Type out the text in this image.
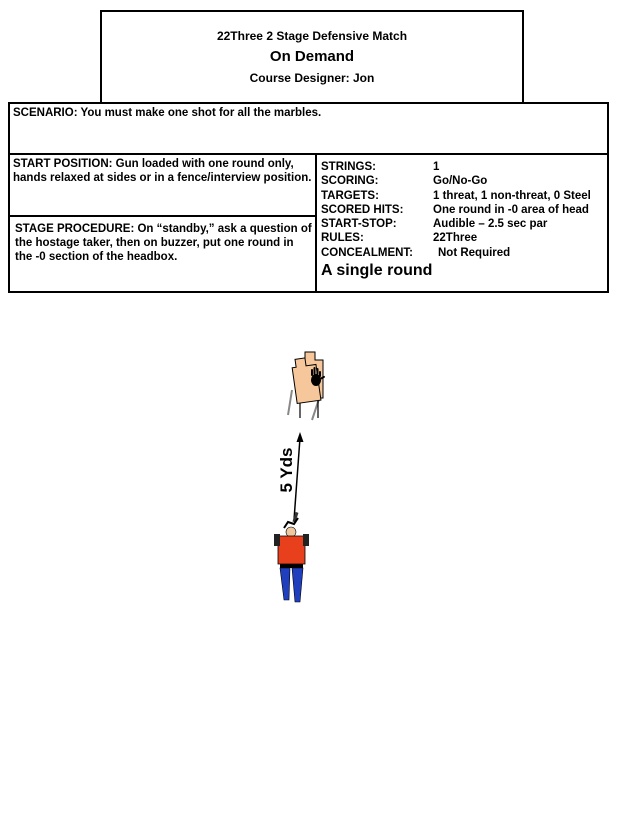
22Three 2 Stage Defensive Match
On Demand
Course Designer: Jon
SCENARIO: You must make one shot for all the marbles.
START POSITION: Gun loaded with one round only, hands relaxed at sides or in a fence/interview position.
STAGE PROCEDURE: On “standby,” ask a question of the hostage taker, then on buzzer, put one round in the -0 section of the headbox.
STRINGS:	1
SCORING:	Go/No-Go
TARGETS:	1 threat, 1 non-threat, 0 Steel
SCORED HITS:	One round in -0 area of head
START-STOP:	Audible – 2.5 sec par
RULES:	22Three
CONCEALMENT: Not Required
A single round
5 Yds
